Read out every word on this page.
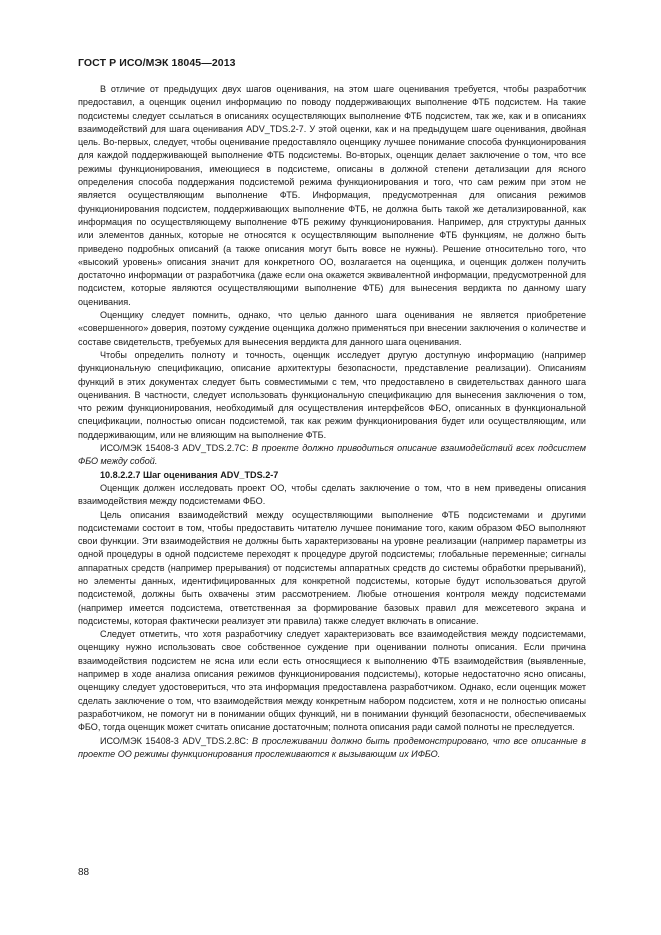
ГОСТ Р ИСО/МЭК 18045—2013

В отличие от предыдущих двух шагов оценивания, на этом шаге оценивания требуется, чтобы разработчик предоставил, а оценщик оценил информацию по поводу поддерживающих выполнение ФТБ подсистем. На такие подсистемы следует ссылаться в описаниях осуществляющих выполнение ФТБ подсистем, так же, как и в описаниях взаимодействий для шага оценивания ADV_TDS.2-7. У этой оценки, как и на предыдущем шаге оценивания, двойная цель. Во-первых, следует, чтобы оценивание предоставляло оценщику лучшее понимание способа функционирования для каждой поддерживающей выполнение ФТБ подсистемы. Во-вторых, оценщик делает заключение о том, что все режимы функционирования, имеющиеся в подсистеме, описаны в должной степени детализации для ясного определения способа поддержания подсистемой режима функционирования и того, что сам режим при этом не является осуществляющим выполнение ФТБ. Информация, предусмотренная для описания режимов функционирования подсистем, поддерживающих выполнение ФТБ, не должна быть такой же детализированной, как информация по осуществляющему выполнение ФТБ режиму функционирования. Например, для структуры данных или элементов данных, которые не относятся к осуществляющим выполнение ФТБ функциям, не должно быть приведено подробных описаний (а также описания могут быть вовсе не нужны). Решение относительно того, что «высокий уровень» описания значит для конкретного ОО, возлагается на оценщика, и оценщик должен получить достаточно информации от разработчика (даже если она окажется эквивалентной информации, предусмотренной для подсистем, которые являются осуществляющими выполнение ФТБ) для вынесения вердикта по данному шагу оценивания.

Оценщику следует помнить, однако, что целью данного шага оценивания не является приобретение «совершенного» доверия, поэтому суждение оценщика должно применяться при внесении заключения о количестве и составе свидетельств, требуемых для вынесения вердикта для данного шага оценивания.

Чтобы определить полноту и точность, оценщик исследует другую доступную информацию (например функциональную спецификацию, описание архитектуры безопасности, представление реализации). Описаниям функций в этих документах следует быть совместимыми с тем, что предоставлено в свидетельствах данного шага оценивания. В частности, следует использовать функциональную спецификацию для вынесения заключения о том, что режим функционирования, необходимый для осуществления интерфейсов ФБО, описанных в функциональной спецификации, полностью описан подсистемой, так как режим функционирования будет или осуществляющим, или поддерживающим, или не влияющим на выполнение ФТБ.

ИСО/МЭК 15408-3 ADV_TDS.2.7C: В проекте должно приводиться описание взаимодействий всех подсистем ФБО между собой.

10.8.2.2.7 Шаг оценивания ADV_TDS.2-7

Оценщик должен исследовать проект ОО, чтобы сделать заключение о том, что в нем приведены описания взаимодействия между подсистемами ФБО.

Цель описания взаимодействий между осуществляющими выполнение ФТБ подсистемами и другими подсистемами состоит в том, чтобы предоставить читателю лучшее понимание того, каким образом ФБО выполняют свои функции. Эти взаимодействия не должны быть характеризованы на уровне реализации (например параметры из одной процедуры в одной подсистеме переходят к процедуре другой подсистемы; глобальные переменные; сигналы аппаратных средств (например прерывания) от подсистемы аппаратных средств до системы обработки прерываний), но элементы данных, идентифицированных для конкретной подсистемы, которые будут использоваться другой подсистемой, должны быть охвачены этим рассмотрением. Любые отношения контроля между подсистемами (например имеется подсистема, ответственная за формирование базовых правил для межсетевого экрана и подсистемы, которая фактически реализует эти правила) также следует включать в описание.

Следует отметить, что хотя разработчику следует характеризовать все взаимодействия между подсистемами, оценщику нужно использовать свое собственное суждение при оценивании полноты описания. Если причина взаимодействия подсистем не ясна или если есть относящиеся к выполнению ФТБ взаимодействия (выявленные, например в ходе анализа описания режимов функционирования подсистемы), которые недостаточно ясно описаны, оценщику следует удостовериться, что эта информация предоставлена разработчиком. Однако, если оценщик может сделать заключение о том, что взаимодействия между конкретным набором подсистем, хотя и не полностью описаны разработчиком, не помогут ни в понимании общих функций, ни в понимании функций безопасности, обеспечиваемых ФБО, тогда оценщик может считать описание достаточным; полнота описания ради самой полноты не преследуется.

ИСО/МЭК 15408-3 ADV_TDS.2.8C: В прослеживании должно быть продемонстрировано, что все описанные в проекте ОО режимы функционирования прослеживаются к вызывающим их ИФБО.

88
